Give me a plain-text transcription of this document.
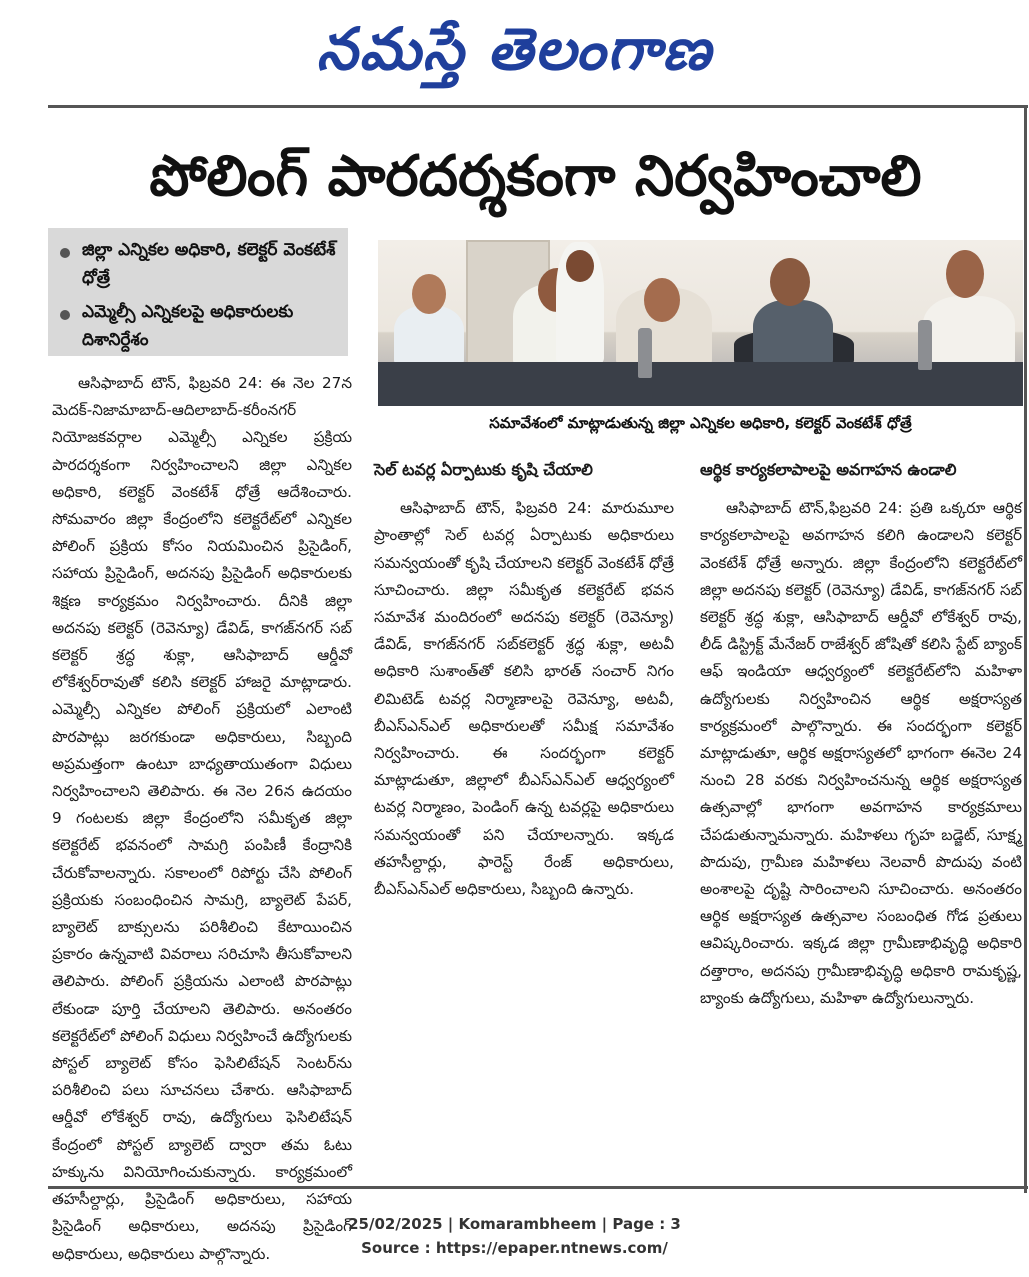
నమస్తే తెలంగాణ
పోలింగ్ పారదర్శకంగా నిర్వహించాలి
జిల్లా ఎన్నికల అధికారి, కలెక్టర్ వెంకటేశ్ ధోత్రే
ఎమ్మెల్సీ ఎన్నికలపై అధికారులకు దిశానిర్దేశం
సమావేశంలో మాట్లాడుతున్న జిల్లా ఎన్నికల అధికారి, కలెక్టర్ వెంకటేశ్ ధోత్రే

ఆసిఫాబాద్ టౌన్, ఫిబ్రవరి 24: ఈ నెల 27న మెదక్-నిజామాబాద్-ఆదిలాబాద్-కరీంనగర్ నియోజకవర్గాల ఎమ్మెల్సీ ఎన్నికల ప్రక్రియ పారదర్శకంగా నిర్వహించాలని జిల్లా ఎన్నికల అధికారి, కలెక్టర్ వెంకటేశ్ ధోత్రే ఆదేశించారు. సోమవారం జిల్లా కేంద్రంలోని కలెక్టరేట్‌లో ఎన్నికల పోలింగ్ ప్రక్రియ కోసం నియమించిన ప్రిసైడింగ్, సహాయ ప్రిసైడింగ్, అదనపు ప్రిసైడింగ్ అధికారులకు శిక్షణ కార్యక్రమం నిర్వహించారు. దీనికి జిల్లా అదనపు కలెక్టర్ (రెవెన్యూ) డేవిడ్, కాగజ్‌నగర్ సబ్ కలెక్టర్ శ్రద్ధ శుక్లా, ఆసిఫాబాద్ ఆర్డీవో లోకేశ్వర్‌రావుతో కలిసి కలెక్టర్ హాజరై మాట్లాడారు. ఎమ్మెల్సీ ఎన్నికల పోలింగ్ ప్రక్రియలో ఎలాంటి పొరపాట్లు జరగకుండా అధికారులు, సిబ్బంది అప్రమత్తంగా ఉంటూ బాధ్యతాయుతంగా విధులు నిర్వహించాలని తెలిపారు. ఈ నెల 26న ఉదయం 9 గంటలకు జిల్లా కేంద్రంలోని సమీకృత జిల్లా కలెక్టరేట్ భవనంలో సామగ్రి పంపిణీ కేంద్రానికి చేరుకోవాలన్నారు. సకాలంలో రిపోర్టు చేసి పోలింగ్ ప్రక్రియకు సంబంధించిన సామగ్రి, బ్యాలెట్ పేపర్, బ్యాలెట్ బాక్సులను పరిశీలించి కేటాయించిన ప్రకారం ఉన్నవాటి వివరాలు సరిచూసి తీసుకోవాలని తెలిపారు. పోలింగ్ ప్రక్రియను ఎలాంటి పొరపాట్లు లేకుండా పూర్తి చేయాలని తెలిపారు. అనంతరం కలెక్టరేట్‌లో పోలింగ్ విధులు నిర్వహించే ఉద్యోగులకు పోస్టల్ బ్యాలెట్ కోసం ఫెసిలిటేషన్ సెంటర్‌ను పరిశీలించి పలు సూచనలు చేశారు. ఆసిఫాబాద్ ఆర్డీవో లోకేశ్వర్ రావు, ఉద్యోగులు ఫెసిలిటేషన్ కేంద్రంలో పోస్టల్ బ్యాలెట్ ద్వారా తమ ఓటు హక్కును వినియోగించుకున్నారు. కార్యక్రమంలో తహసీల్దార్లు, ప్రిసైడింగ్ అధికారులు, సహాయ ప్రిసైడింగ్ అధికారులు, అదనపు ప్రిసైడింగ్ అధికారులు, అధికారులు పాల్గొన్నారు.

సెల్ టవర్ల ఏర్పాటుకు కృషి చేయాలి

ఆసిఫాబాద్ టౌన్, ఫిబ్రవరి 24: మారుమూల ప్రాంతాల్లో సెల్ టవర్ల ఏర్పాటుకు అధికారులు సమన్వయంతో కృషి చేయాలని కలెక్టర్ వెంకటేశ్ ధోత్రే సూచించారు. జిల్లా సమీకృత కలెక్టరేట్ భవన సమావేశ మందిరంలో అదనపు కలెక్టర్ (రెవెన్యూ) డేవిడ్, కాగజ్‌నగర్ సబ్‌కలెక్టర్ శ్రద్ధ శుక్లా, అటవీ అధికారి సుశాంత్‌తో కలిసి భారత్ సంచార్ నిగం లిమిటెడ్ టవర్ల నిర్మాణాలపై రెవెన్యూ, అటవీ, బీఎస్ఎన్ఎల్ అధికారులతో సమీక్ష సమావేశం నిర్వహించారు. ఈ సందర్భంగా కలెక్టర్ మాట్లాడుతూ, జిల్లాలో బీఎస్ఎన్ఎల్ ఆధ్వర్యంలో టవర్ల నిర్మాణం, పెండింగ్ ఉన్న టవర్లపై అధికారులు సమన్వయంతో పని చేయాలన్నారు. ఇక్కడ తహసీల్దార్లు, ఫారెస్ట్ రేంజ్ అధికారులు, బీఎస్ఎన్ఎల్ అధికారులు, సిబ్బంది ఉన్నారు.

ఆర్థిక కార్యకలాపాలపై అవగాహన ఉండాలి

ఆసిఫాబాద్ టౌన్,ఫిబ్రవరి 24: ప్రతి ఒక్కరూ ఆర్థిక కార్యకలాపాలపై అవగాహన కలిగి ఉండాలని కలెక్టర్ వెంకటేశ్ ధోత్రే అన్నారు. జిల్లా కేంద్రంలోని కలెక్టరేట్‌లో జిల్లా అదనపు కలెక్టర్ (రెవెన్యూ) డేవిడ్, కాగజ్‌నగర్ సబ్ కలెక్టర్ శ్రద్ధ శుక్లా, ఆసిఫాబాద్ ఆర్డీవో లోకేశ్వర్ రావు, లీడ్ డిస్ట్రిక్ట్ మేనేజర్ రాజేశ్వర్ జోషితో కలిసి స్టేట్ బ్యాంక్ ఆఫ్ ఇండియా ఆధ్వర్యంలో కలెక్టరేట్‌లోని మహిళా ఉద్యోగులకు నిర్వహించిన ఆర్థిక అక్షరాస్యత కార్యక్రమంలో పాల్గొన్నారు. ఈ సందర్భంగా కలెక్టర్ మాట్లాడుతూ, ఆర్థిక అక్షరాస్యతలో భాగంగా ఈనెల 24 నుంచి 28 వరకు నిర్వహించనున్న ఆర్థిక అక్షరాస్యత ఉత్సవాల్లో భాగంగా అవగాహన కార్యక్రమాలు చేపడుతున్నామన్నారు. మహిళలు గృహ బడ్జెట్, సూక్ష్మ పొదుపు, గ్రామీణ మహిళలు నెలవారీ పొదుపు వంటి అంశాలపై దృష్టి సారించాలని సూచించారు. అనంతరం ఆర్థిక అక్షరాస్యత ఉత్సవాల సంబంధిత గోడ ప్రతులు ఆవిష్కరించారు. ఇక్కడ జిల్లా గ్రామీణాభివృద్ధి అధికారి దత్తారాం, అదనపు గ్రామీణాభివృద్ధి అధికారి రామకృష్ణ, బ్యాంకు ఉద్యోగులు, మహిళా ఉద్యోగులున్నారు.

25/02/2025 | Komarambheem | Page : 3
Source : https://epaper.ntnews.com/
